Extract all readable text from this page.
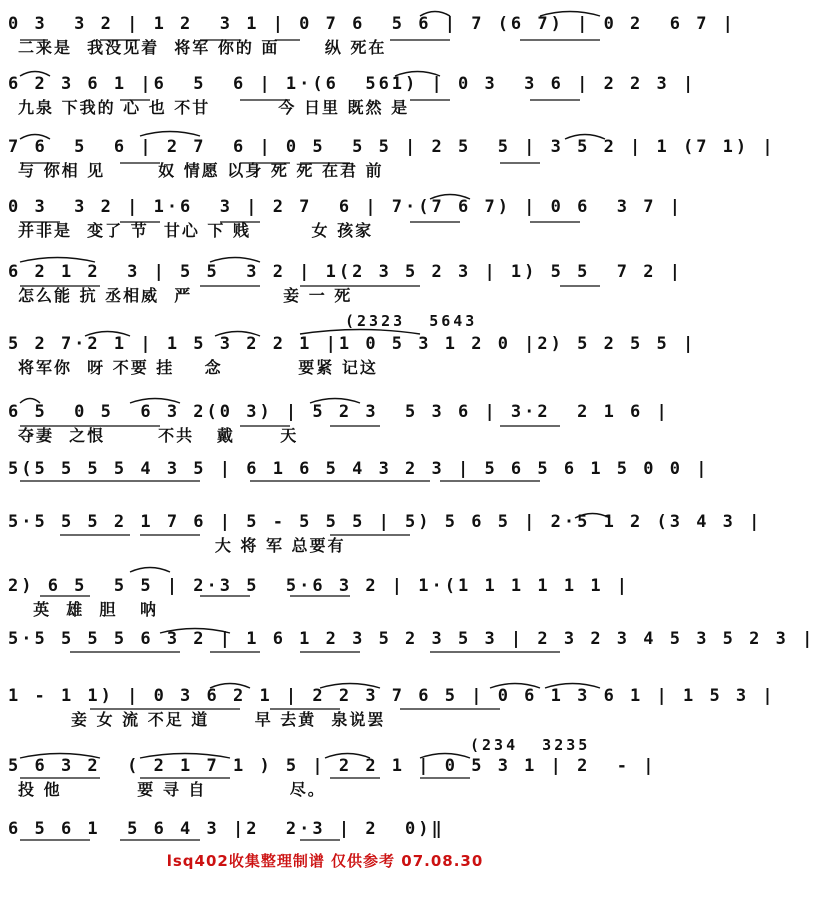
0 3  3 2 | 1 2  3 1 | 0 7 6  5 6 | 7 (6 7) | 0 2  6 7 |
二来是  我没见着  将军 你的 面      纵 死在
6 2 3 6 1 |6  5  6 | 1·(6  561) | 0 3  3 6 | 2 2 3 |
九泉 下我的 心 也 不甘         今 日里 既然 是
7 6  5  6 | 2 7  6 | 0 5  5 5 | 2 5  5 | 3 5 2 | 1 (7 1) |
与 你相 见       奴 情愿 以身 死 死 在君 前
0 3  3 2 | 1·6  3 | 2 7  6 | 7·(7 6 7) | 0 6  3 7 |
并非是  变了 节  甘心 下 贱        女 孩家
6 2 1 2  3 | 5 5  3 2 | 1(2 3 5 2 3 | 1) 5 5  7 2 |
怎么能 抗 丞相威  严            妾 一 死
(2323  5643
5 2 7·2 1 | 1 5 3 2 2 1 |1 0 5 3 1 2 0 |2) 5 2 5 5 |
将军你  呀 不要 挂    念          要紧 记这
6 5  0 5  6 3 2(0 3) | 5 2 3  5 3 6 | 3·2  2 1 6 |
夺妻  之恨       不共   戴      天
5(5 5 5 5 4 3 5 | 6 1 6 5 4 3 2 3 | 5 6 5 6 1 5 0 0 |
5·5 5 5 2 1 7 6 | 5 - 5 5 5 | 5) 5 6 5 | 2·5 1 2 (3 4 3 |
大 将 军 总要有
2) 6 5  5 5 | 2·3 5  5·6 3 2 | 1·(1 1 1 1 1 1 |
英  雄  胆   呐
5·5 5 5 5 6 3 2 | 1 6 1 2 3 5 2 3 5 3 | 2 3 2 3 4 5 3 5 2 3 |
1 - 1 1) | 0 3 6 2 1 | 2 2 3 7 6 5 | 0 6 1 3 6 1 | 1 5 3 |
妾 女 流 不足 道      早 去黄  泉说罢
(234  3235
5 6 3 2  ( 2 1 7 1 ) 5 | 2 2 1 | 0 5 3 1 | 2  - |
投 他          要 寻 自           尽。
6 5 6 1  5 6 4 3 |2  2·3 | 2  0)‖
lsq402收集整理制谱 仅供参考 07.08.30
